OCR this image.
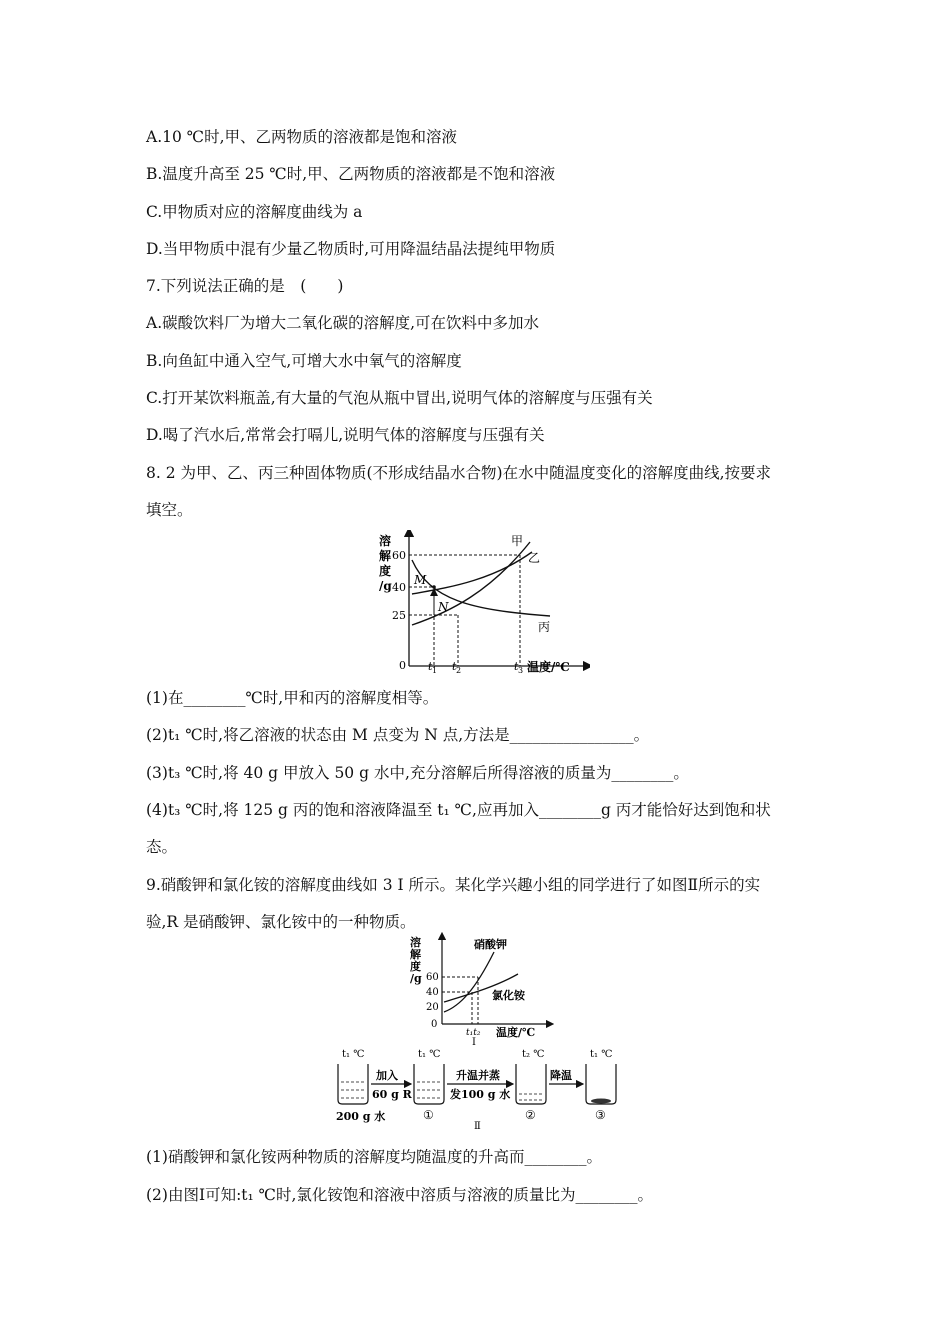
A.10 ℃时,甲、乙两物质的溶液都是饱和溶液
B.温度升高至 25 ℃时,甲、乙两物质的溶液都是不饱和溶液
C.甲物质对应的溶解度曲线为 a
D.当甲物质中混有少量乙物质时,可用降温结晶法提纯甲物质
7.下列说法正确的是　(　　)
A.碳酸饮料厂为增大二氧化碳的溶解度,可在饮料中多加水
B.向鱼缸中通入空气,可增大水中氧气的溶解度
C.打开某饮料瓶盖,有大量的气泡从瓶中冒出,说明气体的溶解度与压强有关
D.喝了汽水后,常常会打嗝儿,说明气体的溶解度与压强有关
8. 2 为甲、乙、丙三种固体物质(不形成结晶水合物)在水中随温度变化的溶解度曲线,按要求
填空。
甲
乙
丙
M
N
60
40
25
0
溶
解
度
/g
t 1 t 2	t 3 温度/℃
(1)在________℃时,甲和丙的溶解度相等。
(2)t₁ ℃时,将乙溶液的状态由 M 点变为 N 点,方法是________________。
(3)t₃ ℃时,将 40 g 甲放入 50 g 水中,充分溶解后所得溶液的质量为________。
(4)t₃ ℃时,将 125 g 丙的饱和溶液降温至 t₁ ℃,应再加入________g 丙才能恰好达到饱和状
态。
9.硝酸钾和氯化铵的溶解度曲线如 3 Ⅰ 所示。某化学兴趣小组的同学进行了如图Ⅱ所示的实
验,R 是硝酸钾、氯化铵中的一种物质。
硝酸钾
氯化铵
60
40
20
0
溶
解
度
/g
t₁t₂ 温度/℃
Ⅰ
t₁ ℃	t₁ ℃	t₂ ℃	t₁ ℃
加入
60 g R
升温并蒸
发100 g 水
降温
200 g 水	①	②	③
Ⅱ
(1)硝酸钾和氯化铵两种物质的溶解度均随温度的升高而________。
(2)由图Ⅰ可知:t₁ ℃时,氯化铵饱和溶液中溶质与溶液的质量比为________。
